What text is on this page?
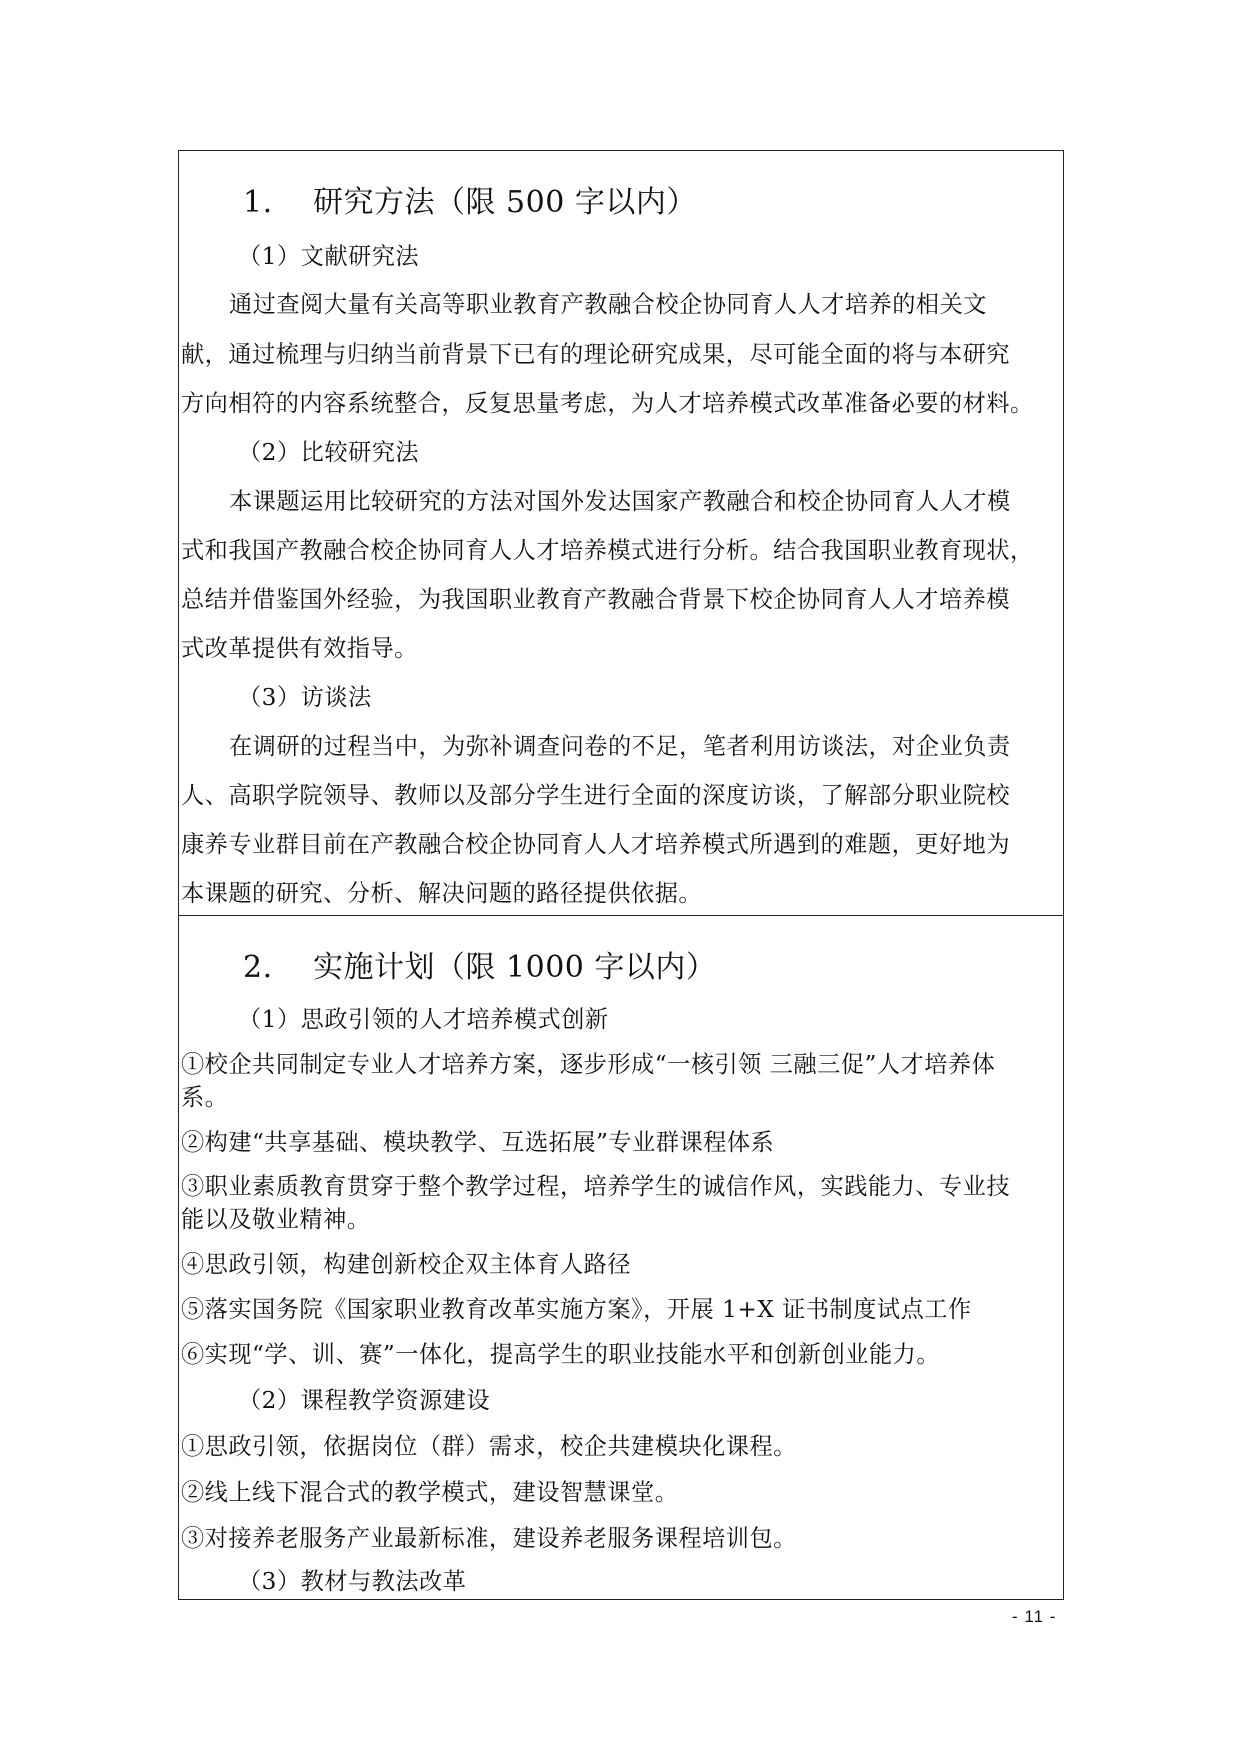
1. 研究方法（限 500 字以内）
（1）文献研究法
通过查阅大量有关高等职业教育产教融合校企协同育人人才培养的相关文
献，通过梳理与归纳当前背景下已有的理论研究成果，尽可能全面的将与本研究
方向相符的内容系统整合，反复思量考虑，为人才培养模式改革准备必要的材料。
（2）比较研究法
本课题运用比较研究的方法对国外发达国家产教融合和校企协同育人人才模
式和我国产教融合校企协同育人人才培养模式进行分析。结合我国职业教育现状，
总结并借鉴国外经验，为我国职业教育产教融合背景下校企协同育人人才培养模
式改革提供有效指导。
（3）访谈法
在调研的过程当中，为弥补调查问卷的不足，笔者利用访谈法，对企业负责
人、高职学院领导、教师以及部分学生进行全面的深度访谈，了解部分职业院校
康养专业群目前在产教融合校企协同育人人才培养模式所遇到的难题，更好地为
本课题的研究、分析、解决问题的路径提供依据。
2. 实施计划（限 1000 字以内）
（1）思政引领的人才培养模式创新
①校企共同制定专业人才培养方案，逐步形成“一核引领 三融三促”人才培养体
系。
②构建“共享基础、模块教学、互选拓展”专业群课程体系
③职业素质教育贯穿于整个教学过程，培养学生的诚信作风，实践能力、专业技
能以及敬业精神。
④思政引领，构建创新校企双主体育人路径
⑤落实国务院《国家职业教育改革实施方案》，开展 1+X 证书制度试点工作
⑥实现“学、训、赛”一体化，提高学生的职业技能水平和创新创业能力。
（2）课程教学资源建设
①思政引领，依据岗位（群）需求，校企共建模块化课程。
②线上线下混合式的教学模式，建设智慧课堂。
③对接养老服务产业最新标准，建设养老服务课程培训包。
（3）教材与教法改革
- 11 -
